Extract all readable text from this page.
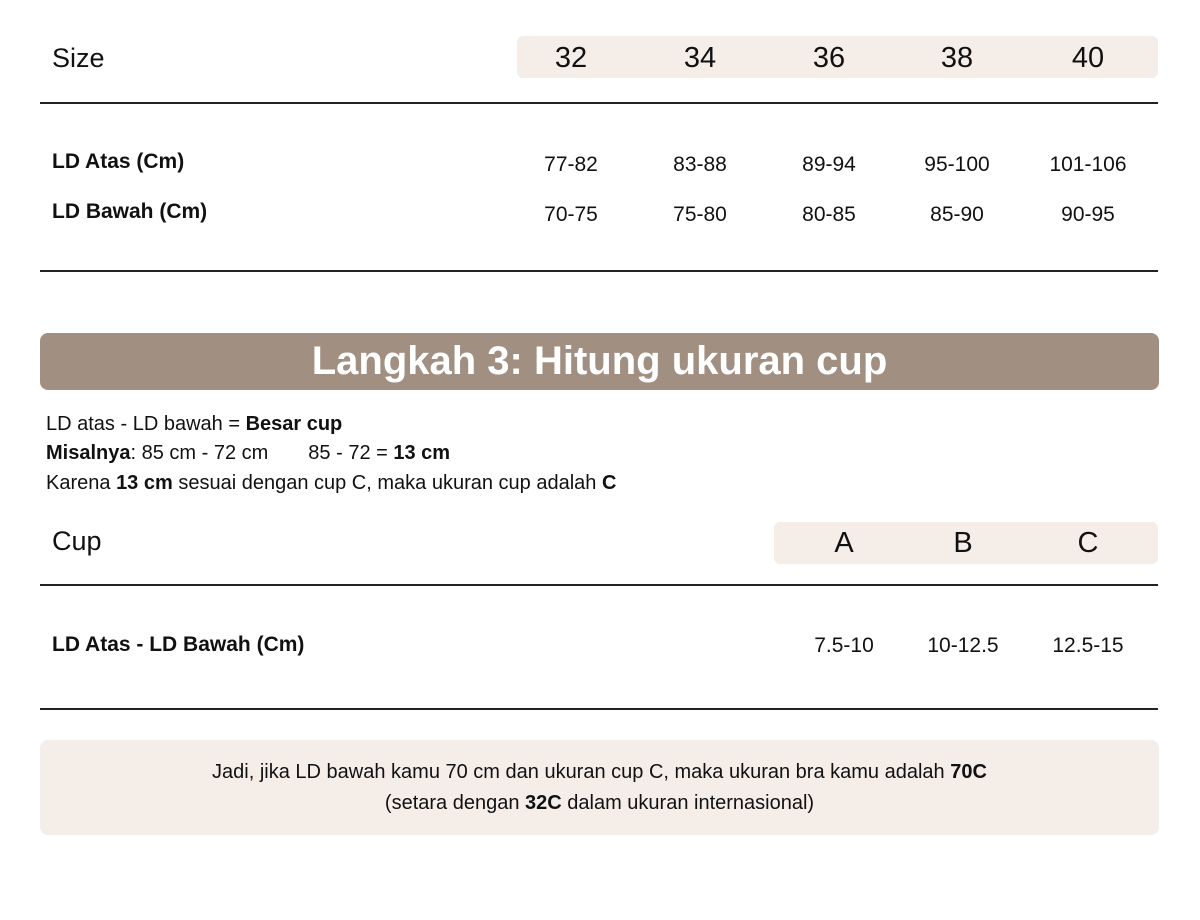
Size	32	34	36	38	40
LD Atas (Cm)	77-82	83-88	89-94	95-100	101-106
LD Bawah (Cm)	70-75	75-80	80-85	85-90	90-95
Langkah 3: Hitung ukuran cup
LD atas - LD bawah = Besar cup
Misalnya: 85 cm - 72 cm 85 - 72 = 13 cm
Karena 13 cm sesuai dengan cup C, maka ukuran cup adalah C
Cup	A	B	C
LD Atas - LD Bawah (Cm)	7.5-10	10-12.5	12.5-15
Jadi, jika LD bawah kamu 70 cm dan ukuran cup C, maka ukuran bra kamu adalah 70C
(setara dengan 32C dalam ukuran internasional)
